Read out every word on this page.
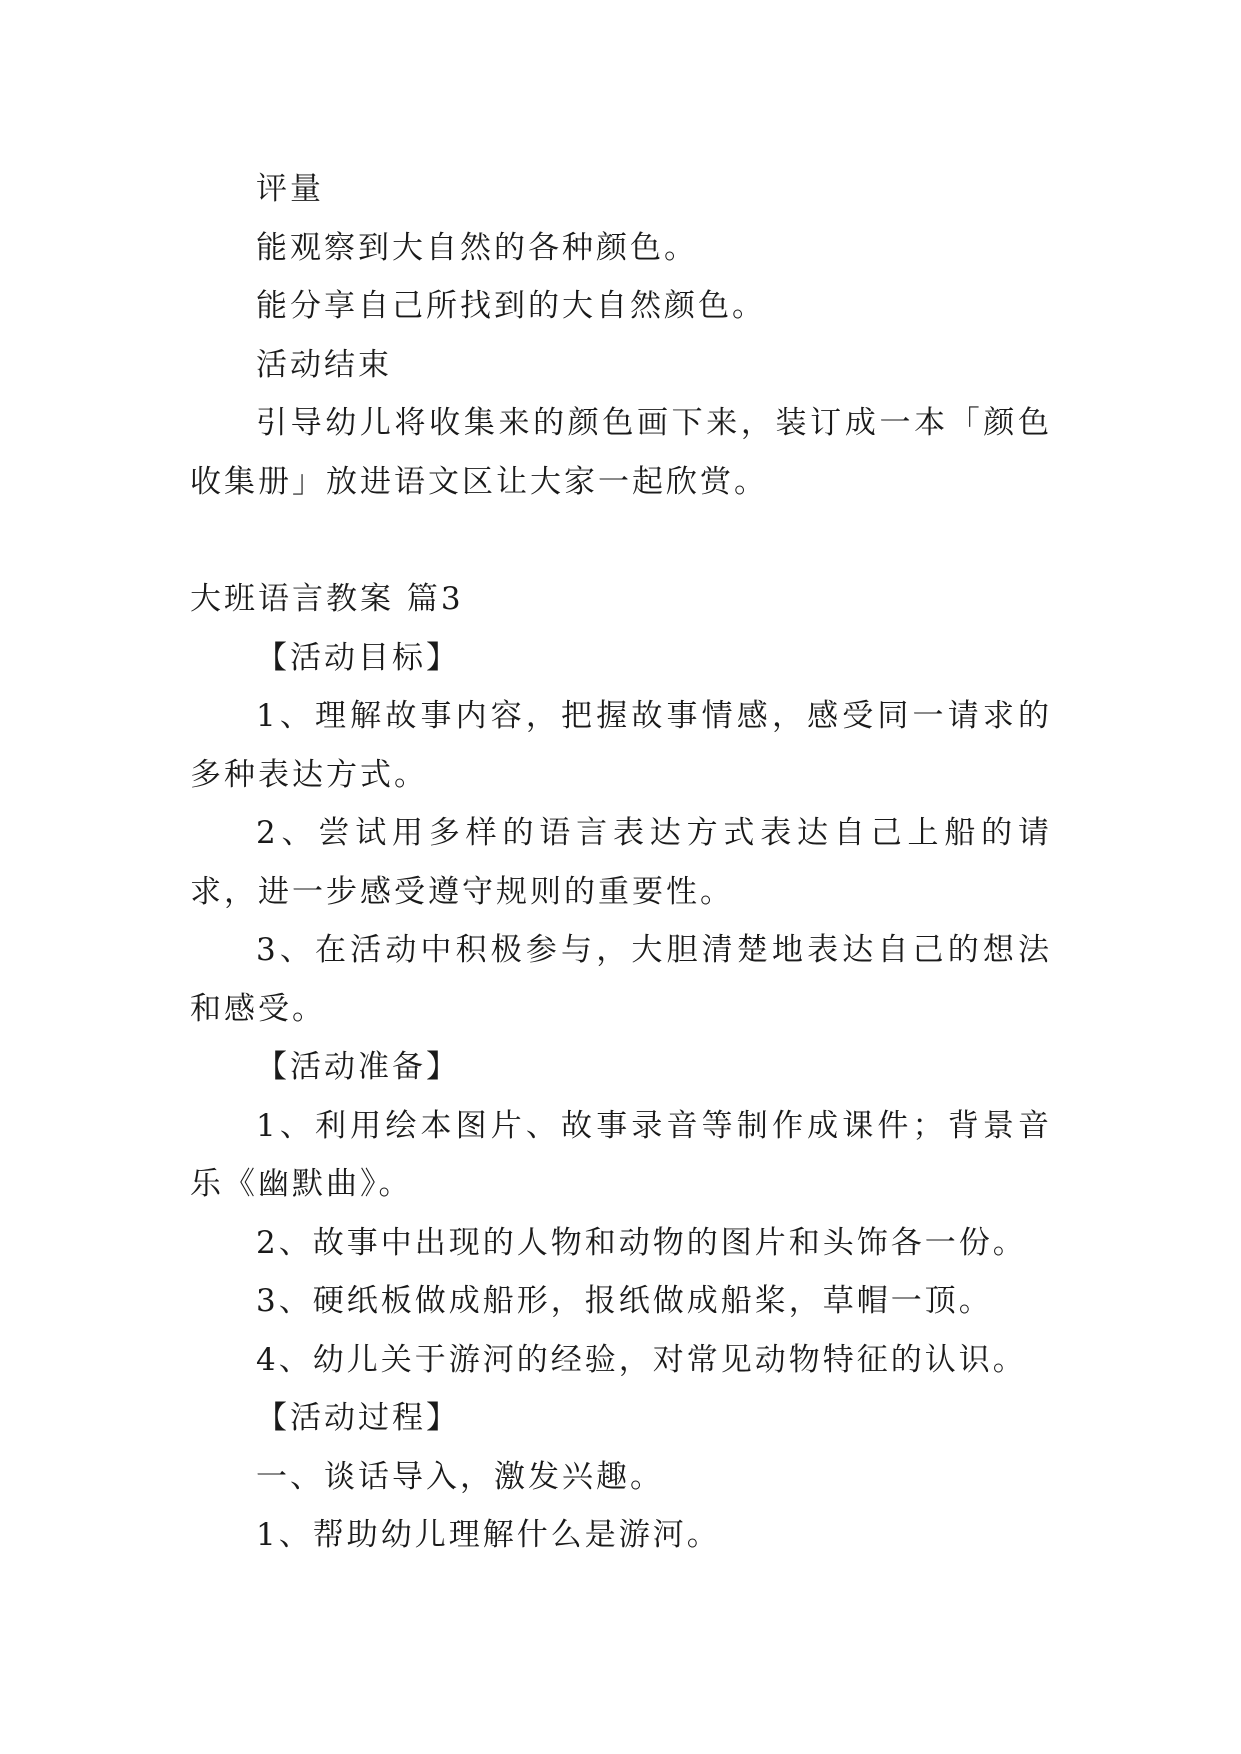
评量

能观察到大自然的各种颜色。

能分享自己所找到的大自然颜色。

活动结束

引导幼儿将收集来的颜色画下来，装订成一本「颜色收集册」放进语文区让大家一起欣赏。

大班语言教案 篇3

【活动目标】

1、理解故事内容，把握故事情感，感受同一请求的多种表达方式。

2、尝试用多样的语言表达方式表达自己上船的请求，进一步感受遵守规则的重要性。

3、在活动中积极参与，大胆清楚地表达自己的想法和感受。

【活动准备】

1、利用绘本图片、故事录音等制作成课件；背景音乐《幽默曲》。

2、故事中出现的人物和动物的图片和头饰各一份。

3、硬纸板做成船形，报纸做成船桨，草帽一顶。

4、幼儿关于游河的经验，对常见动物特征的认识。

【活动过程】

一、谈话导入，激发兴趣。

1、帮助幼儿理解什么是游河。
